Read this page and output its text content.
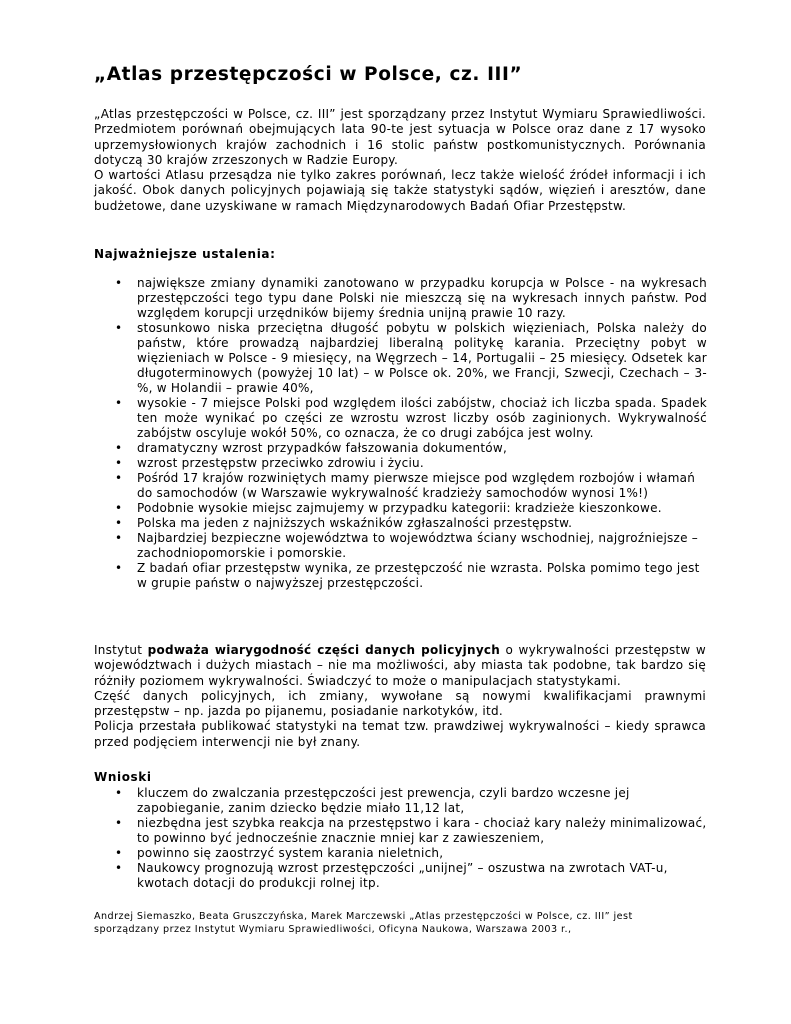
„Atlas przestępczości w Polsce, cz. III”

„Atlas przestępczości w Polsce, cz. III” jest sporządzany przez Instytut Wymiaru Sprawiedliwości. Przedmiotem porównań obejmujących lata 90-te jest sytuacja w Polsce oraz dane z 17 wysoko uprzemysłowionych krajów zachodnich i 16 stolic państw postkomunistycznych. Porównania dotyczą 30 krajów zrzeszonych w Radzie Europy.

O wartości Atlasu przesądza nie tylko zakres porównań, lecz także wielość źródeł informacji i ich jakość. Obok danych policyjnych pojawiają się także statystyki sądów, więzień i aresztów, dane budżetowe, dane uzyskiwane w ramach Międzynarodowych Badań Ofiar Przestępstw.

Najważniejsze ustalenia:
• największe zmiany dynamiki zanotowano w przypadku korupcja w Polsce - na wykresach przestępczości tego typu dane Polski nie mieszczą się na wykresach innych państw. Pod względem korupcji urzędników bijemy średnia unijną prawie 10 razy.
• stosunkowo niska przeciętna długość pobytu w polskich więzieniach, Polska należy do państw, które prowadzą najbardziej liberalną politykę karania. Przeciętny pobyt w więzieniach w Polsce - 9 miesięcy, na Węgrzech – 14, Portugalii – 25 miesięcy. Odsetek kar długoterminowych (powyżej 10 lat) – w Polsce ok. 20%, we Francji, Szwecji, Czechach – 3-%, w Holandii – prawie 40%,
• wysokie - 7 miejsce Polski pod względem ilości zabójstw, chociaż ich liczba spada. Spadek ten może wynikać po części ze wzrostu wzrost liczby osób zaginionych. Wykrywalność zabójstw oscyluje wokół 50%, co oznacza, że co drugi zabójca jest wolny.
• dramatyczny wzrost przypadków fałszowania dokumentów,
• wzrost przestępstw przeciwko zdrowiu i życiu.
• Pośród 17 krajów rozwiniętych mamy pierwsze miejsce pod względem rozbojów i włamań do samochodów (w Warszawie wykrywalność kradzieży samochodów wynosi 1%!)
• Podobnie wysokie miejsc zajmujemy w przypadku kategorii: kradzieże kieszonkowe.
• Polska ma jeden z najniższych wskaźników zgłaszalności przestępstw.
• Najbardziej bezpieczne województwa to województwa ściany wschodniej, najgroźniejsze – zachodniopomorskie i pomorskie.
• Z badań ofiar przestępstw wynika, ze przestępczość nie wzrasta. Polska pomimo tego jest w grupie państw o najwyższej przestępczości.

Instytut podważa wiarygodność części danych policyjnych o wykrywalności przestępstw w województwach i dużych miastach – nie ma możliwości, aby miasta tak podobne, tak bardzo się różniły poziomem wykrywalności. Świadczyć to może o manipulacjach statystykami.

Część danych policyjnych, ich zmiany, wywołane są nowymi kwalifikacjami prawnymi przestępstw – np. jazda po pijanemu, posiadanie narkotyków, itd.

Policja przestała publikować statystyki na temat tzw. prawdziwej wykrywalności – kiedy sprawca przed podjęciem interwencji nie był znany.

Wnioski
• kluczem do zwalczania przestępczości jest prewencja, czyli bardzo wczesne jej zapobieganie, zanim dziecko będzie miało 11,12 lat,
• niezbędna jest szybka reakcja na przestępstwo i kara - chociaż kary należy minimalizować, to powinno być jednocześnie znacznie mniej kar z zawieszeniem,
• powinno się zaostrzyć system karania nieletnich,
• Naukowcy prognozują wzrost przestępczości „unijnej” – oszustwa na zwrotach VAT-u, kwotach dotacji do produkcji rolnej itp.
Andrzej Siemaszko, Beata Gruszczyńska, Marek Marczewski „Atlas przestępczości w Polsce, cz. III” jest sporządzany przez Instytut Wymiaru Sprawiedliwości, Oficyna Naukowa, Warszawa 2003 r.,
